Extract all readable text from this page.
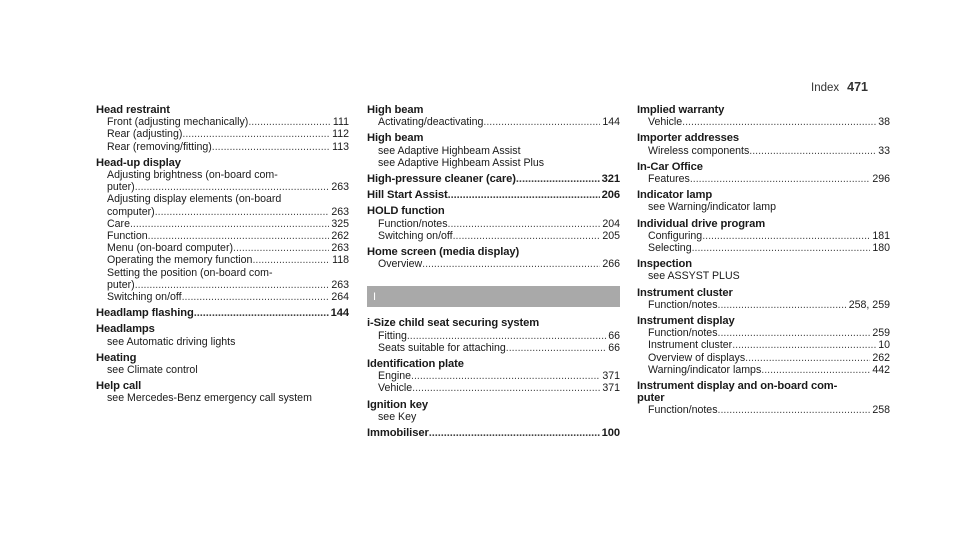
Index 471
Head restraint
Front (adjusting mechanically) .....	111
Rear (adjusting) .....	112
Rear (removing/fitting) .....	113
Head-up display
Adjusting brightness (on-board com-
puter) .....	263
Adjusting display elements (on-board
computer) .....	263
Care .....	325
Function .....	262
Menu (on-board computer) .....	263
Operating the memory function .....	118
Setting the position (on-board com-
puter) .....	263
Switching on/off .....	264
Headlamp flashing .....	144
Headlamps
see Automatic driving lights
Heating
see Climate control
Help call
see Mercedes-Benz emergency call system
High beam
Activating/deactivating .....	144
High beam
see Adaptive Highbeam Assist
see Adaptive Highbeam Assist Plus
High-pressure cleaner (care) .....	321
Hill Start Assist .....	206
HOLD function
Function/notes .....	204
Switching on/off .....	205
Home screen (media display)
Overview .....	266
I
i-Size child seat securing system
Fitting .....	66
Seats suitable for attaching .....	66
Identification plate
Engine .....	371
Vehicle .....	371
Ignition key
see Key
Immobiliser .....	100
Implied warranty
Vehicle .....	38
Importer addresses
Wireless components .....	33
In-Car Office
Features .....	296
Indicator lamp
see Warning/indicator lamp
Individual drive program
Configuring .....	181
Selecting .....	180
Inspection
see ASSYST PLUS
Instrument cluster
Function/notes .....	258, 259
Instrument display
Function/notes .....	259
Instrument cluster .....	10
Overview of displays .....	262
Warning/indicator lamps .....	442
Instrument display and on-board com-
puter
Function/notes .....	258
